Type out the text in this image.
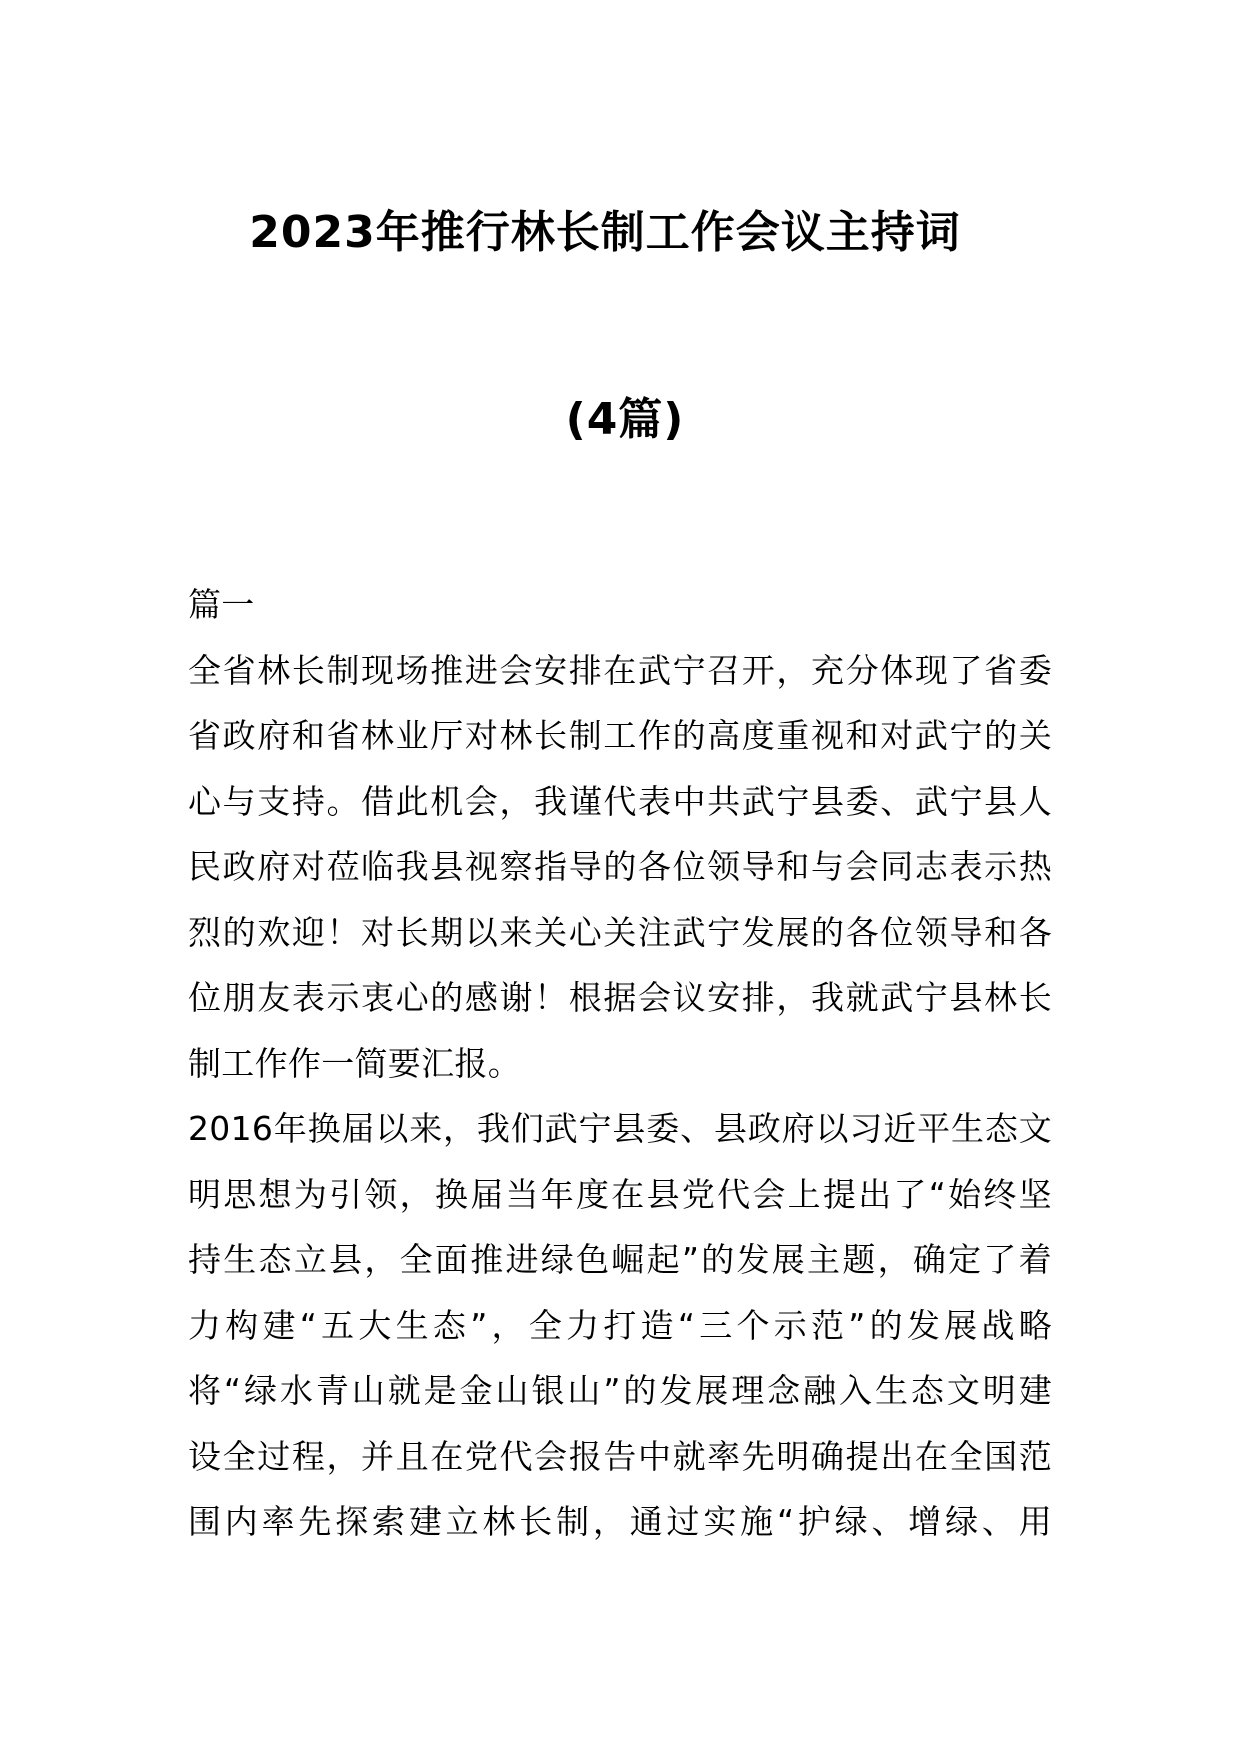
2023年推行林长制工作会议主持词
(4篇)
篇一
全省林长制现场推进会安排在武宁召开，充分体现了省委
省政府和省林业厅对林长制工作的高度重视和对武宁的关
心与支持。借此机会，我谨代表中共武宁县委、武宁县人
民政府对莅临我县视察指导的各位领导和与会同志表示热
烈的欢迎！对长期以来关心关注武宁发展的各位领导和各
位朋友表示衷心的感谢！根据会议安排，我就武宁县林长
制工作作一简要汇报。
2016年换届以来，我们武宁县委、县政府以习近平生态文
明思想为引领，换届当年度在县党代会上提出了“始终坚
持生态立县，全面推进绿色崛起”的发展主题，确定了着
力构建“五大生态”，全力打造“三个示范”的发展战略
将“绿水青山就是金山银山”的发展理念融入生态文明建
设全过程，并且在党代会报告中就率先明确提出在全国范
围内率先探索建立林长制，通过实施“护绿、增绿、用
